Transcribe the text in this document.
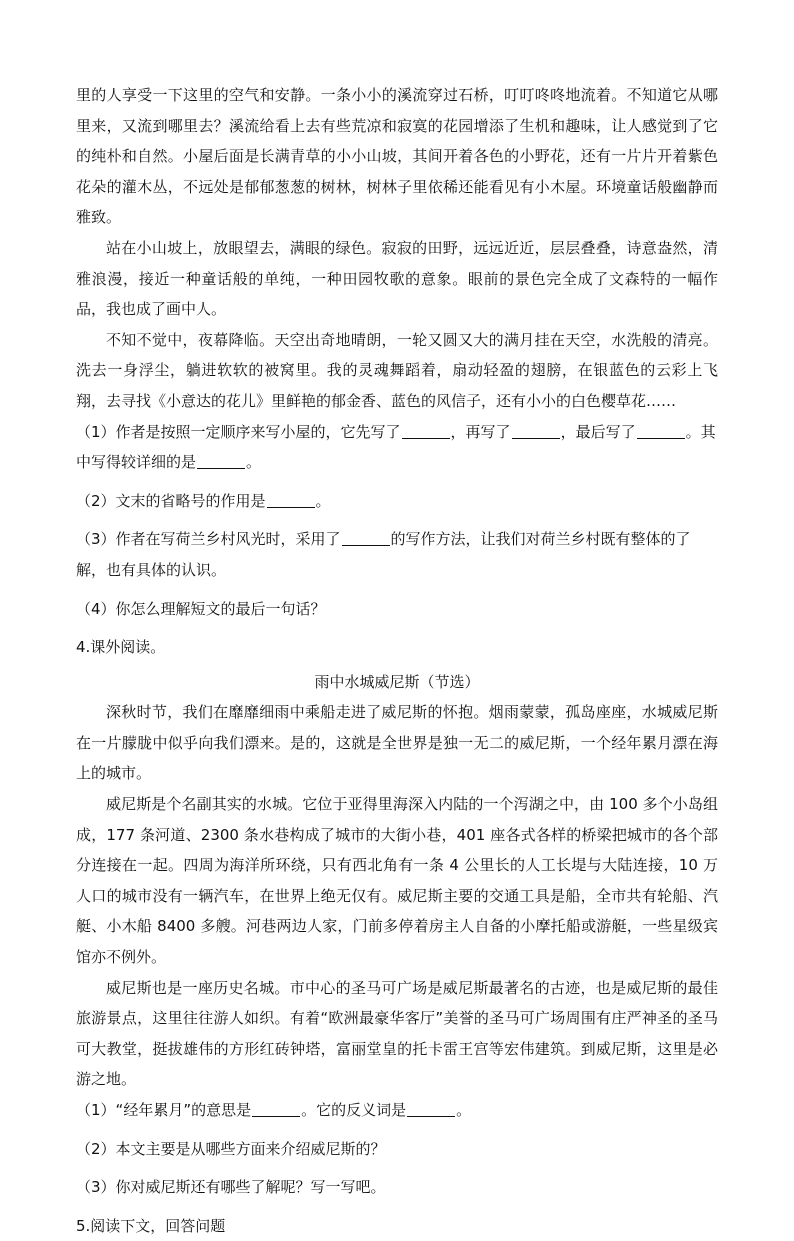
里的人享受一下这里的空气和安静。一条小小的溪流穿过石桥，叮叮咚咚地流着。不知道它从哪里来，又流到哪里去？溪流给看上去有些荒凉和寂寞的花园增添了生机和趣味，让人感觉到了它的纯朴和自然。小屋后面是长满青草的小小山坡，其间开着各色的小野花，还有一片片开着紫色花朵的灌木丛，不远处是郁郁葱葱的树林，树林子里依稀还能看见有小木屋。环境童话般幽静而雅致。

站在小山坡上，放眼望去，满眼的绿色。寂寂的田野，远远近近，层层叠叠，诗意盎然，清雅浪漫，接近一种童话般的单纯，一种田园牧歌的意象。眼前的景色完全成了文森特的一幅作品，我也成了画中人。

不知不觉中，夜幕降临。天空出奇地晴朗，一轮又圆又大的满月挂在天空，水洗般的清亮。洗去一身浮尘，躺进软软的被窝里。我的灵魂舞蹈着，扇动轻盈的翅膀，在银蓝色的云彩上飞翔，去寻找《小意达的花儿》里鲜艳的郁金香、蓝色的风信子，还有小小的白色樱草花……

（1）作者是按照一定顺序来写小屋的，它先写了	，再写了	，最后写了	。其中写得较详细的是	。

（2）文末的省略号的作用是	。

（3）作者在写荷兰乡村风光时，采用了	的写作方法，让我们对荷兰乡村既有整体的了解，也有具体的认识。

（4）你怎么理解短文的最后一句话？

4.课外阅读。

雨中水城威尼斯（节选）

深秋时节，我们在靡靡细雨中乘船走进了威尼斯的怀抱。烟雨蒙蒙，孤岛座座，水城威尼斯在一片朦胧中似乎向我们漂来。是的，这就是全世界是独一无二的威尼斯，一个经年累月漂在海上的城市。

威尼斯是个名副其实的水城。它位于亚得里海深入内陆的一个泻湖之中，由 100 多个小岛组成，177 条河道、2300 条水巷构成了城市的大街小巷，401 座各式各样的桥梁把城市的各个部分连接在一起。四周为海洋所环绕，只有西北角有一条 4 公里长的人工长堤与大陆连接，10 万人口的城市没有一辆汽车，在世界上绝无仅有。威尼斯主要的交通工具是船，全市共有轮船、汽艇、小木船 8400 多艘。河巷两边人家，门前多停着房主人自备的小摩托船或游艇，一些星级宾馆亦不例外。

威尼斯也是一座历史名城。市中心的圣马可广场是威尼斯最著名的古迹，也是威尼斯的最佳旅游景点，这里往往游人如织。有着“欧洲最豪华客厅”美誉的圣马可广场周围有庄严神圣的圣马可大教堂，挺拔雄伟的方形红砖钟塔，富丽堂皇的托卡雷王宫等宏伟建筑。到威尼斯，这里是必游之地。

（1）“经年累月”的意思是	。它的反义词是	。

（2）本文主要是从哪些方面来介绍威尼斯的？

（3）你对威尼斯还有哪些了解呢？写一写吧。

5.阅读下文，回答问题
